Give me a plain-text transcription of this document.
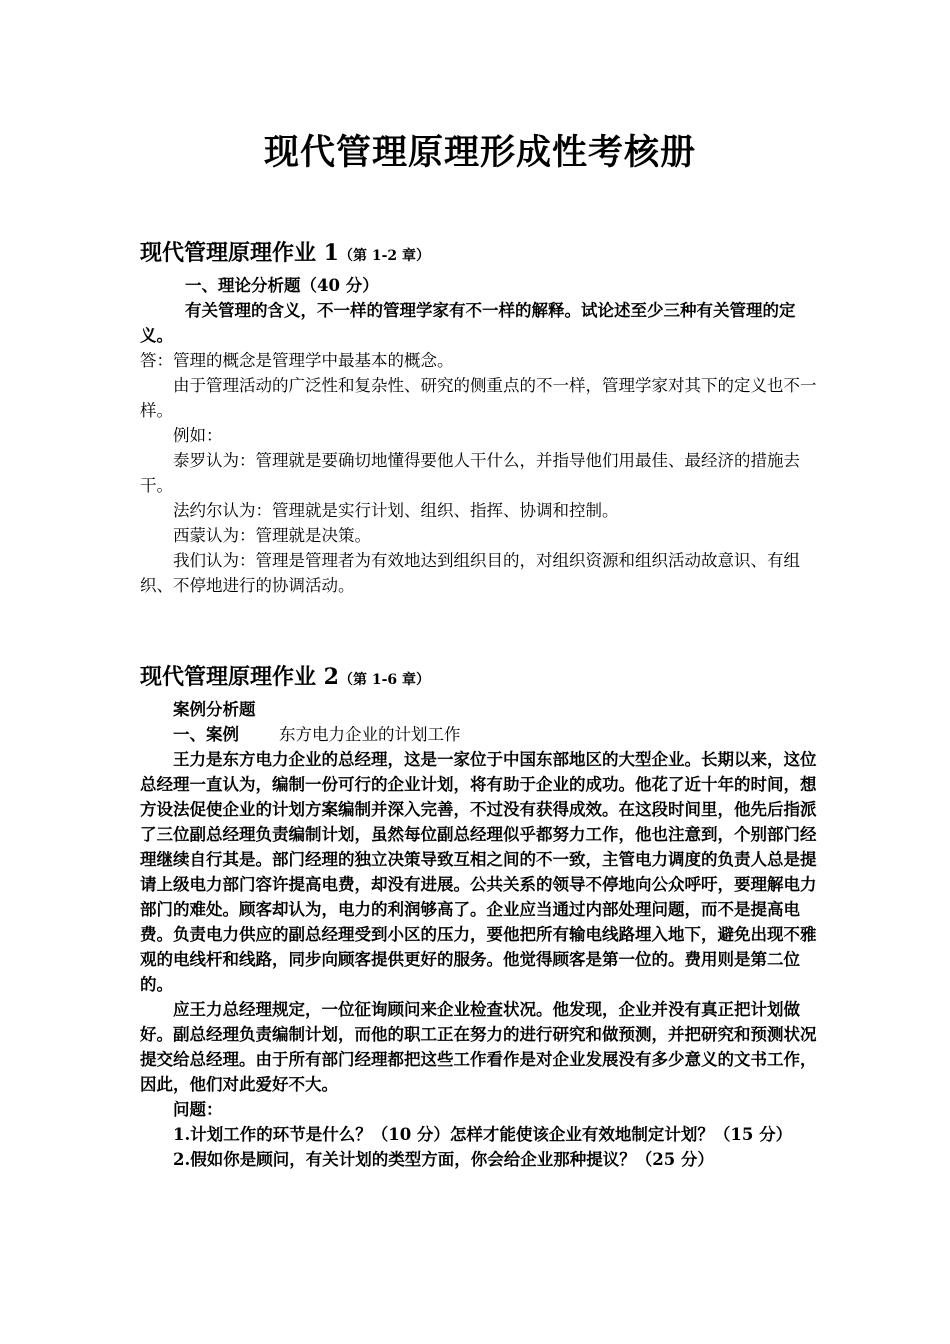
现代管理原理形成性考核册
现代管理原理作业 1（第 1-2 章）

一、理论分析题（40 分）

有关管理的含义，不一样的管理学家有不一样的解释。试论述至少三种有关管理的定义。

答：管理的概念是管理学中最基本的概念。

由于管理活动的广泛性和复杂性、研究的侧重点的不一样，管理学家对其下的定义也不一样。

例如：

泰罗认为：管理就是要确切地懂得要他人干什么，并指导他们用最佳、最经济的措施去干。

法约尔认为：管理就是实行计划、组织、指挥、协调和控制。

西蒙认为：管理就是决策。

我们认为：管理是管理者为有效地达到组织目的，对组织资源和组织活动故意识、有组织、不停地进行的协调活动。

现代管理原理作业 2（第 1-6 章）

案例分析题

一、案例 东方电力企业的计划工作

王力是东方电力企业的总经理，这是一家位于中国东部地区的大型企业。长期以来，这位总经理一直认为，编制一份可行的企业计划，将有助于企业的成功。他花了近十年的时间，想方设法促使企业的计划方案编制并深入完善，不过没有获得成效。在这段时间里，他先后指派了三位副总经理负责编制计划，虽然每位副总经理似乎都努力工作，他也注意到，个别部门经理继续自行其是。部门经理的独立决策导致互相之间的不一致，主管电力调度的负责人总是提请上级电力部门容许提高电费，却没有进展。公共关系的领导不停地向公众呼吁，要理解电力部门的难处。顾客却认为，电力的利润够高了。企业应当通过内部处理问题，而不是提高电费。负责电力供应的副总经理受到小区的压力，要他把所有输电线路埋入地下，避免出现不雅观的电线杆和线路，同步向顾客提供更好的服务。他觉得顾客是第一位的。费用则是第二位的。

应王力总经理规定，一位征询顾问来企业检查状况。他发现，企业并没有真正把计划做好。副总经理负责编制计划，而他的职工正在努力的进行研究和做预测，并把研究和预测状况提交给总经理。由于所有部门经理都把这些工作看作是对企业发展没有多少意义的文书工作，因此，他们对此爱好不大。

问题：

1.计划工作的环节是什么？（10 分）怎样才能使该企业有效地制定计划？（15 分）

2.假如你是顾问，有关计划的类型方面，你会给企业那种提议？（25 分）
